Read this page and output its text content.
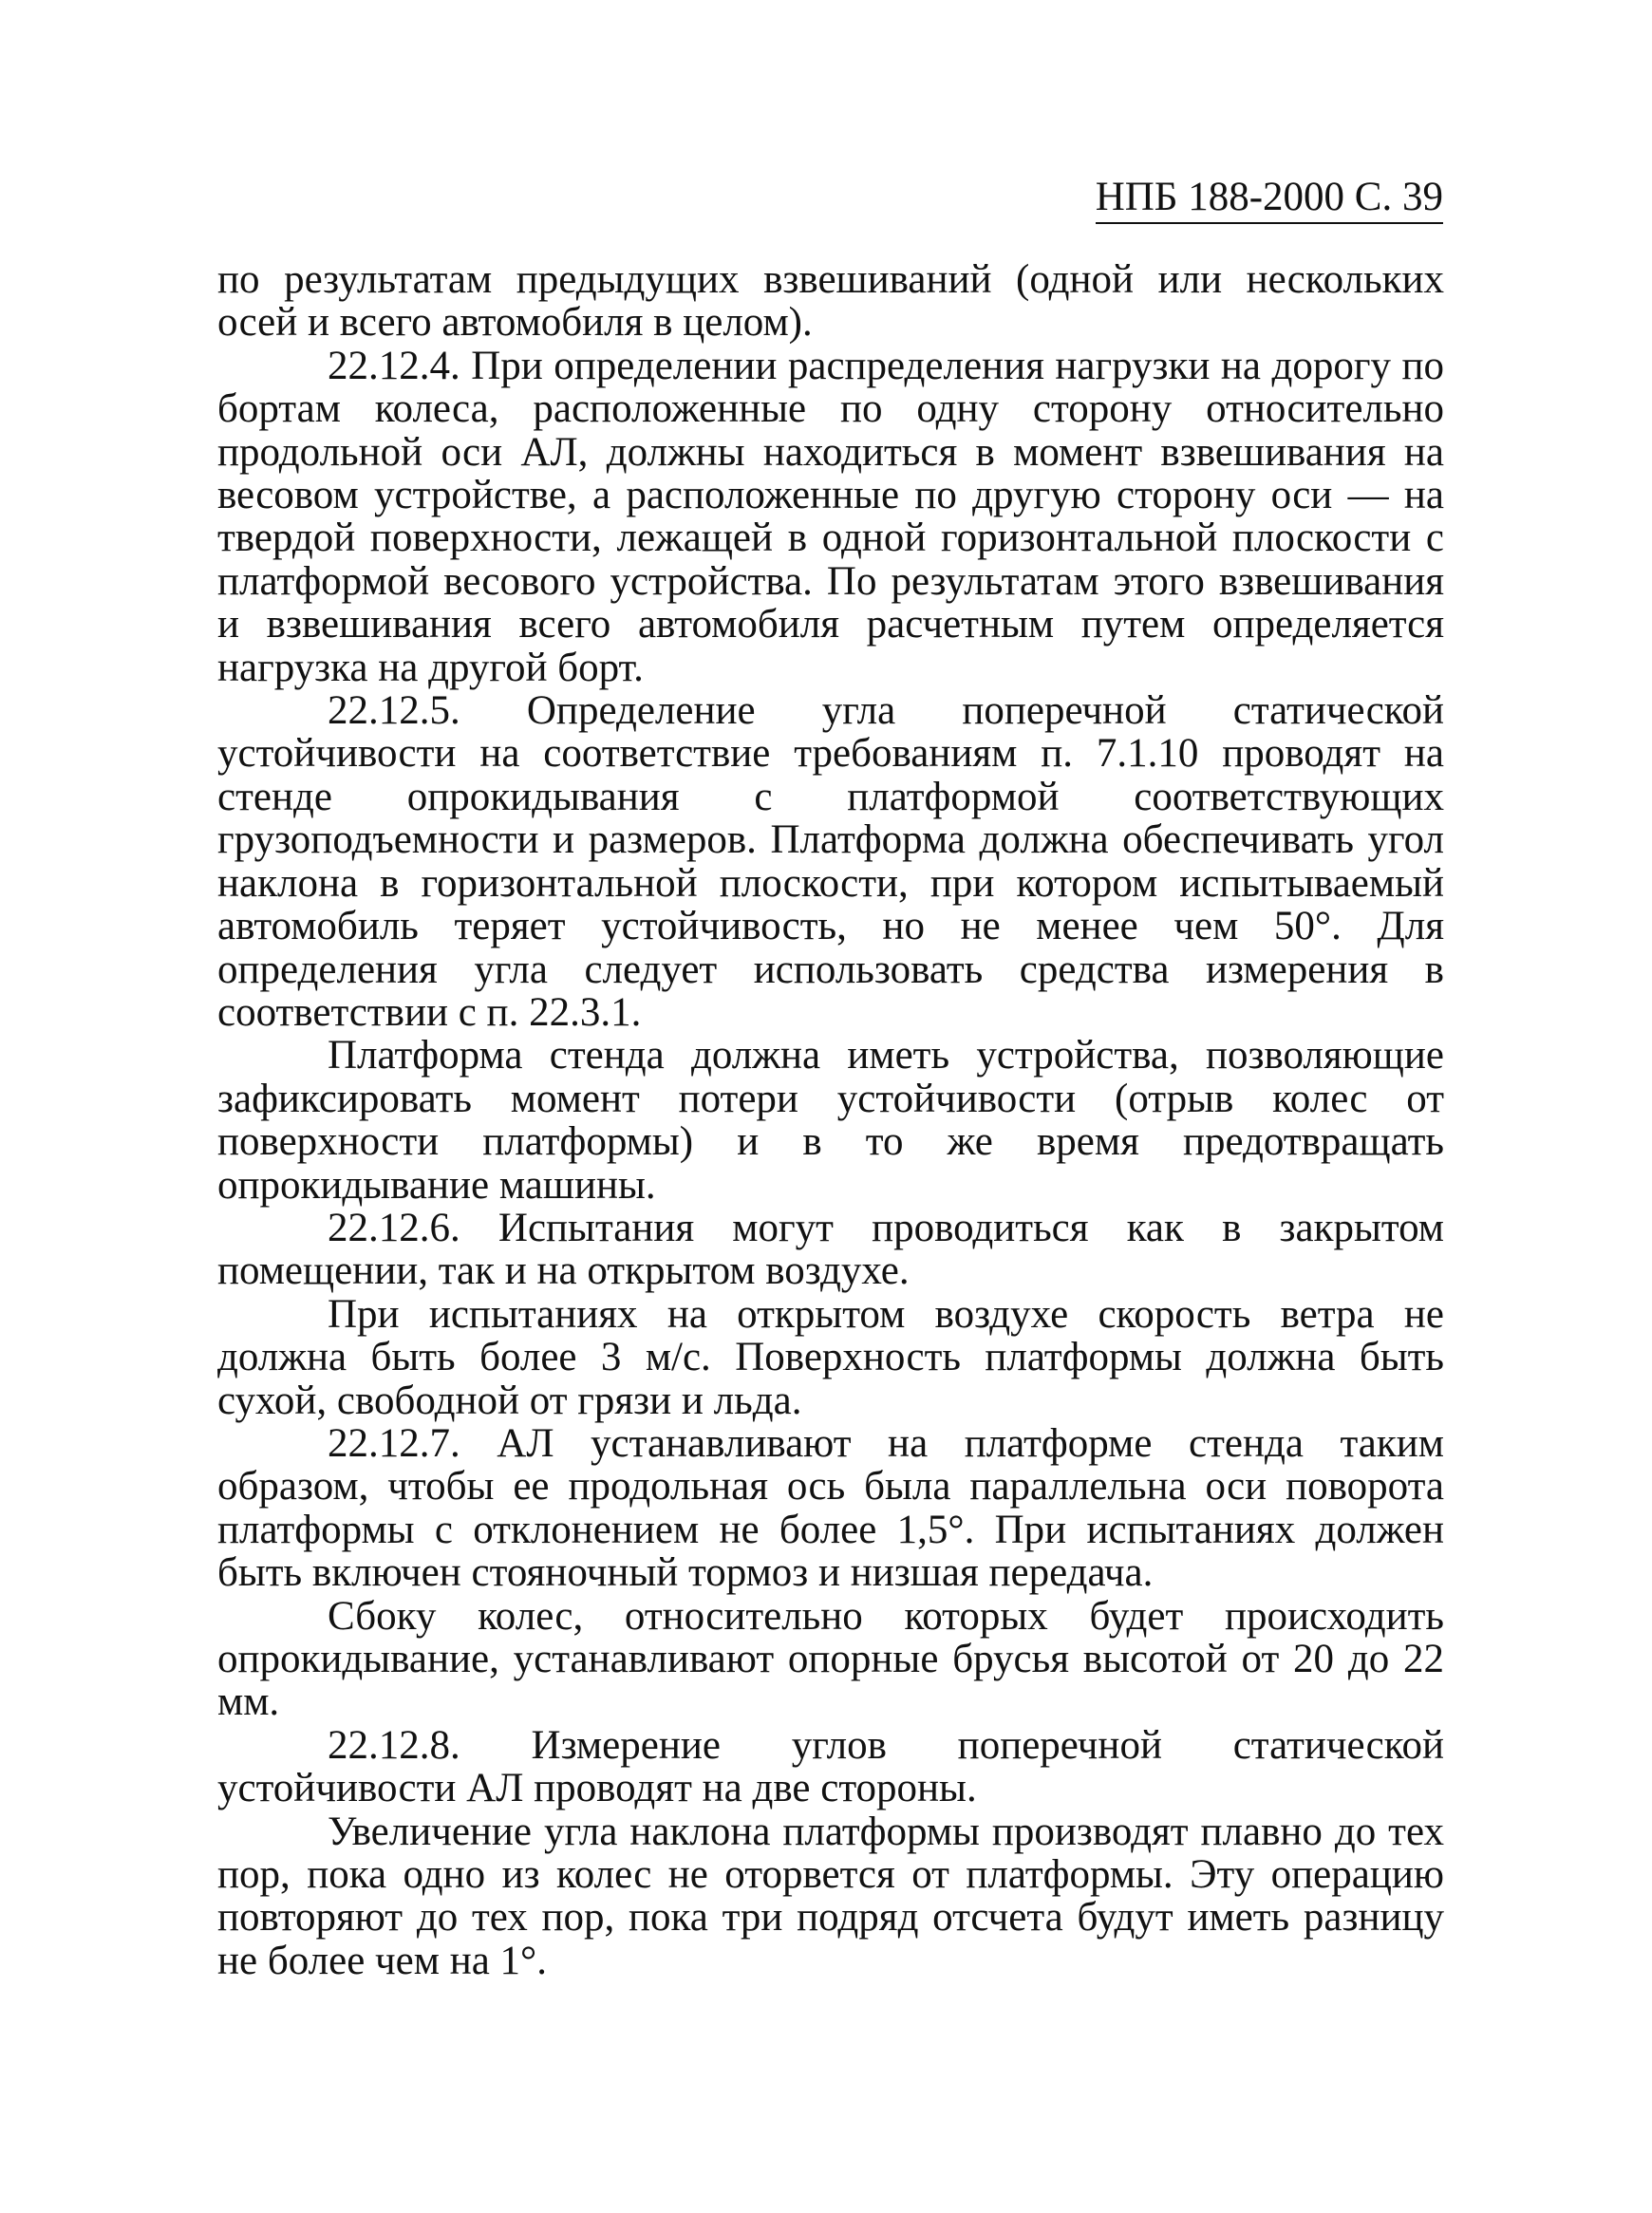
НПБ 188-2000 С. 39

по результатам предыдущих взвешиваний (одной или нескольких осей и всего автомобиля в целом).

22.12.4. При определении распределения нагрузки на дорогу по бортам колеса, расположенные по одну сторону относительно продольной оси АЛ, должны находиться в момент взвешивания на весовом устройстве, а расположенные по другую сторону оси — на твердой поверхности, лежащей в одной горизонтальной плоскости с платформой весового устройства. По результатам этого взвешивания и взвешивания всего автомобиля расчетным путем определяется нагрузка на другой борт.

22.12.5. Определение угла поперечной статической устойчивости на соответствие требованиям п. 7.1.10 проводят на стенде опрокидывания с платформой соответствующих грузоподъемности и размеров. Платформа должна обеспечивать угол наклона в горизонтальной плоскости, при котором испытываемый автомобиль теряет устойчивость, но не менее чем 50°. Для определения угла следует использовать средства измерения в соответствии с п. 22.3.1.

Платформа стенда должна иметь устройства, позволяющие зафиксировать момент потери устойчивости (отрыв колес от поверхности платформы) и в то же время предотвращать опрокидывание машины.

22.12.6. Испытания могут проводиться как в закрытом помещении, так и на открытом воздухе.

При испытаниях на открытом воздухе скорость ветра не должна быть более 3 м/с. Поверхность платформы должна быть сухой, свободной от грязи и льда.

22.12.7. АЛ устанавливают на платформе стенда таким образом, чтобы ее продольная ось была параллельна оси поворота платформы с отклонением не более 1,5°. При испытаниях должен быть включен стояночный тормоз и низшая передача.

Сбоку колес, относительно которых будет происходить опрокидывание, устанавливают опорные брусья высотой от 20 до 22 мм.

22.12.8. Измерение углов поперечной статической устойчивости АЛ проводят на две стороны.

Увеличение угла наклона платформы производят плавно до тех пор, пока одно из колес не оторвется от платформы. Эту операцию повторяют до тех пор, пока три подряд отсчета будут иметь разницу не более чем на 1°.
